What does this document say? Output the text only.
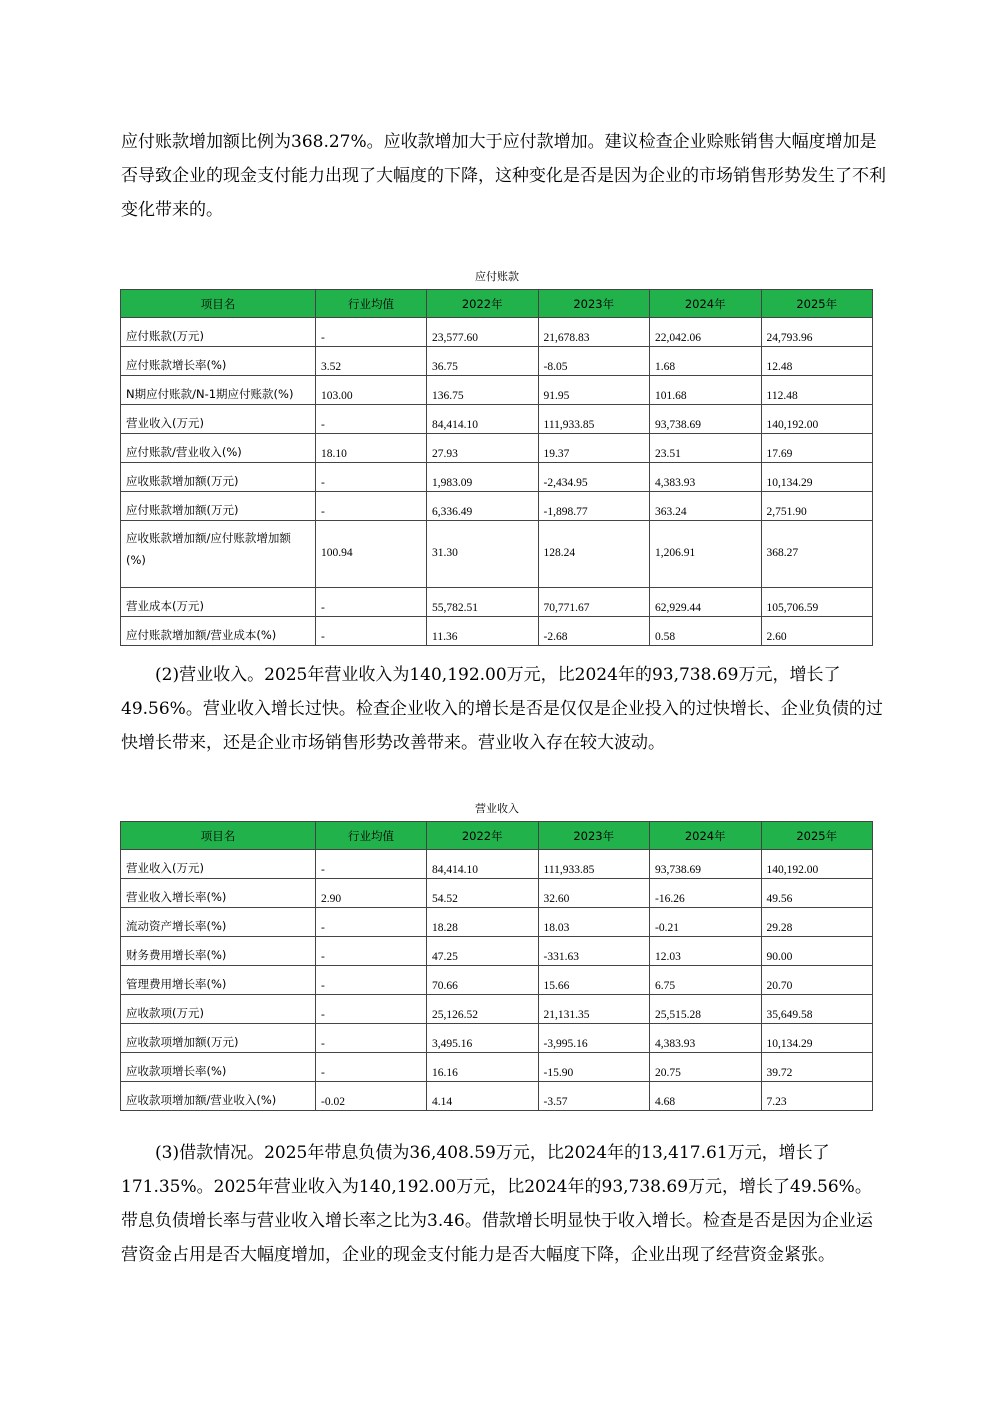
应付账款增加额比例为368.27%。应收款增加大于应付款增加。建议检查企业赊账销售大幅度增加是否导致企业的现金支付能力出现了大幅度的下降，这种变化是否是因为企业的市场销售形势发生了不利变化带来的。

应付账款

项目名	行业均值	2022年	2023年	2024年	2025年
应付账款(万元)	-	23,577.60	21,678.83	22,042.06	24,793.96
应付账款增长率(%)	3.52	36.75	-8.05	1.68	12.48
N期应付账款/N-1期应付账款(%)	103.00	136.75	91.95	101.68	112.48
营业收入(万元)	-	84,414.10	111,933.85	93,738.69	140,192.00
应付账款/营业收入(%)	18.10	27.93	19.37	23.51	17.69
应收账款增加额(万元)	-	1,983.09	-2,434.95	4,383.93	10,134.29
应付账款增加额(万元)	-	6,336.49	-1,898.77	363.24	2,751.90
应收账款增加额/应付账款增加额(%)	100.94	31.30	128.24	1,206.91	368.27
营业成本(万元)	-	55,782.51	70,771.67	62,929.44	105,706.59
应付账款增加额/营业成本(%)	-	11.36	-2.68	0.58	2.60

(2)营业收入。2025年营业收入为140,192.00万元，比2024年的93,738.69万元，增长了49.56%。营业收入增长过快。检查企业收入的增长是否是仅仅是企业投入的过快增长、企业负债的过快增长带来，还是企业市场销售形势改善带来。营业收入存在较大波动。

营业收入

项目名	行业均值	2022年	2023年	2024年	2025年
营业收入(万元)	-	84,414.10	111,933.85	93,738.69	140,192.00
营业收入增长率(%)	2.90	54.52	32.60	-16.26	49.56
流动资产增长率(%)	-	18.28	18.03	-0.21	29.28
财务费用增长率(%)	-	47.25	-331.63	12.03	90.00
管理费用增长率(%)	-	70.66	15.66	6.75	20.70
应收款项(万元)	-	25,126.52	21,131.35	25,515.28	35,649.58
应收款项增加额(万元)	-	3,495.16	-3,995.16	4,383.93	10,134.29
应收款项增长率(%)	-	16.16	-15.90	20.75	39.72
应收款项增加额/营业收入(%)	-0.02	4.14	-3.57	4.68	7.23

(3)借款情况。2025年带息负债为36,408.59万元，比2024年的13,417.61万元，增长了171.35%。2025年营业收入为140,192.00万元，比2024年的93,738.69万元，增长了49.56%。带息负债增长率与营业收入增长率之比为3.46。借款增长明显快于收入增长。检查是否是因为企业运营资金占用是否大幅度增加，企业的现金支付能力是否大幅度下降，企业出现了经营资金紧张。
